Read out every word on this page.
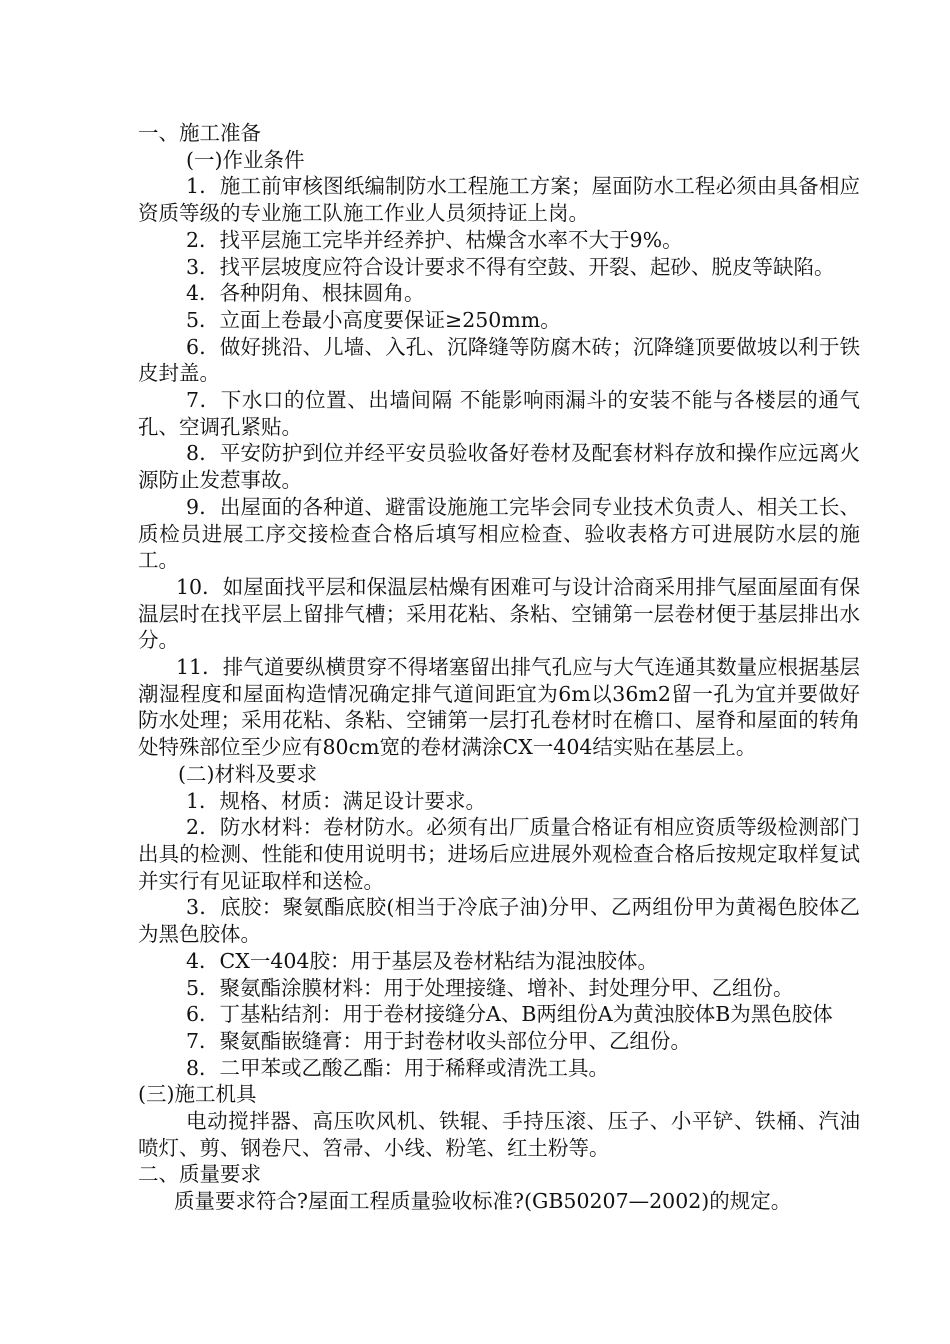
一、施工准备

(一)作业条件

1．施工前审核图纸编制防水工程施工方案；屋面防水工程必须由具备相应资质等级的专业施工队施工作业人员须持证上岗。

2．找平层施工完毕并经养护、枯燥含水率不大于9%。

3．找平层坡度应符合设计要求不得有空鼓、开裂、起砂、脱皮等缺陷。

4．各种阴角、根抹圆角。

5．立面上卷最小高度要保证≥250mm。

6．做好挑沿、儿墙、入孔、沉降缝等防腐木砖；沉降缝顶要做坡以利于铁皮封盖。

7．下水口的位置、出墙间隔 不能影响雨漏斗的安装不能与各楼层的通气孔、空调孔紧贴。

8．平安防护到位并经平安员验收备好卷材及配套材料存放和操作应远离火源防止发惹事故。

9．出屋面的各种道、避雷设施施工完毕会同专业技术负责人、相关工长、质检员进展工序交接检查合格后填写相应检查、验收表格方可进展防水层的施工。

10．如屋面找平层和保温层枯燥有困难可与设计洽商采用排气屋面屋面有保温层时在找平层上留排气槽；采用花粘、条粘、空铺第一层卷材便于基层排出水分。

11．排气道要纵横贯穿不得堵塞留出排气孔应与大气连通其数量应根据基层潮湿程度和屋面构造情况确定排气道间距宜为6m以36m2留一孔为宜并要做好防水处理；采用花粘、条粘、空铺第一层打孔卷材时在檐口、屋脊和屋面的转角处特殊部位至少应有80cm宽的卷材满涂CX一404结实贴在基层上。

(二)材料及要求

1．规格、材质：满足设计要求。

2．防水材料：卷材防水。必须有出厂质量合格证有相应资质等级检测部门出具的检测、性能和使用说明书；进场后应进展外观检查合格后按规定取样复试并实行有见证取样和送检。

3．底胶：聚氨酯底胶(相当于冷底子油)分甲、乙两组份甲为黄褐色胶体乙为黑色胶体。

4．CX一404胶：用于基层及卷材粘结为混浊胶体。

5．聚氨酯涂膜材料：用于处理接缝、增补、封处理分甲、乙组份。

6．丁基粘结剂：用于卷材接缝分A、B两组份A为黄浊胶体B为黑色胶体

7．聚氨酯嵌缝膏：用于封卷材收头部位分甲、乙组份。

8．二甲苯或乙酸乙酯：用于稀释或清洗工具。

(三)施工机具

电动搅拌器、高压吹风机、铁辊、手持压滚、压子、小平铲、铁桶、汽油喷灯、剪、钢卷尺、笤帚、小线、粉笔、红土粉等。

二、质量要求

质量要求符合?屋面工程质量验收标准?(GB50207—2002)的规定。
